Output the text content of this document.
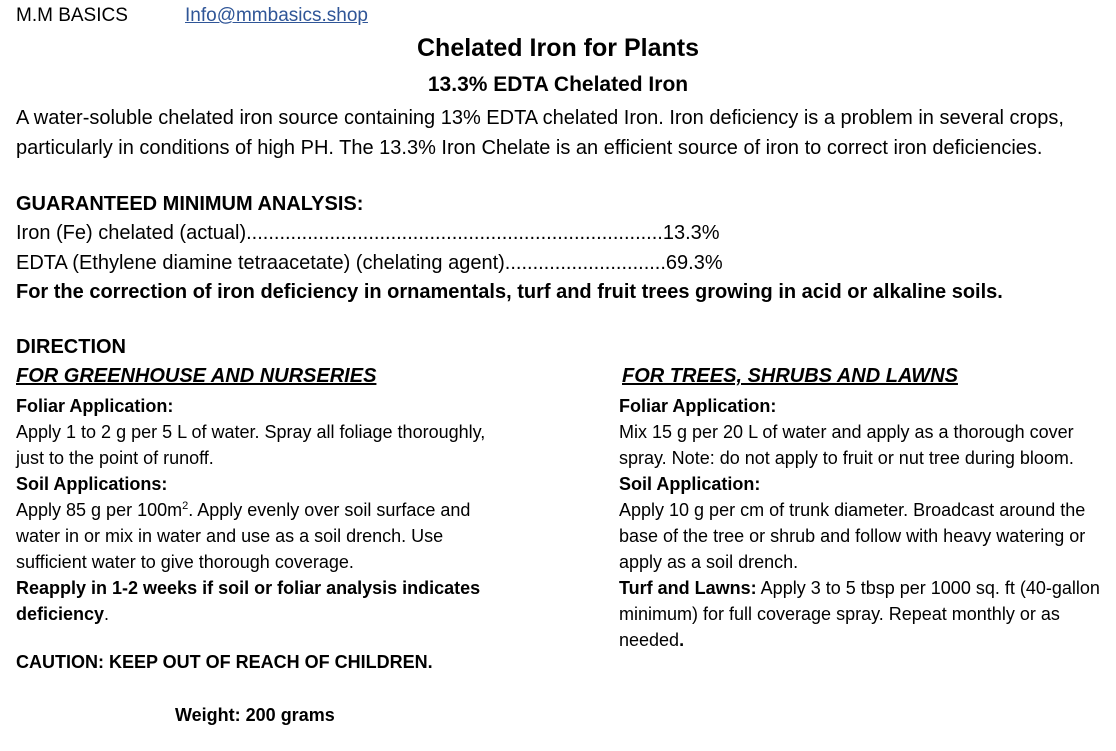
M.M BASICS	Info@mmbasics.shop
Chelated Iron for Plants
13.3% EDTA Chelated Iron
A water-soluble chelated iron source containing 13% EDTA chelated Iron. Iron deficiency is a problem in several crops, particularly in conditions of high PH. The 13.3% Iron Chelate is an efficient source of iron to correct iron deficiencies.
GUARANTEED MINIMUM ANALYSIS:
Iron (Fe) chelated (actual)...........................................................................13.3%
EDTA (Ethylene diamine tetraacetate) (chelating agent).............................69.3%
For the correction of iron deficiency in ornamentals, turf and fruit trees growing in acid or alkaline soils.
DIRECTION
FOR GREENHOUSE AND NURSERIES	FOR TREES, SHRUBS AND LAWNS
Foliar Application:
Apply 1 to 2 g per 5 L of water. Spray all foliage thoroughly, just to the point of runoff.
Soil Applications:
Apply 85 g per $100m^2$. Apply evenly over soil surface and water in or mix in water and use as a soil drench. Use sufficient water to give thorough coverage.
Reapply in 1-2 weeks if soil or foliar analysis indicates deficiency.
Foliar Application:
Mix 15 g per 20 L of water and apply as a thorough cover spray. Note: do not apply to fruit or nut tree during bloom.
Soil Application:
Apply 10 g per cm of trunk diameter. Broadcast around the base of the tree or shrub and follow with heavy watering or apply as a soil drench.
Turf and Lawns: Apply 3 to 5 tbsp per 1000 sq. ft (40-gallon minimum) for full coverage spray. Repeat monthly or as needed.
CAUTION: KEEP OUT OF REACH OF CHILDREN.
Weight: 200 grams
